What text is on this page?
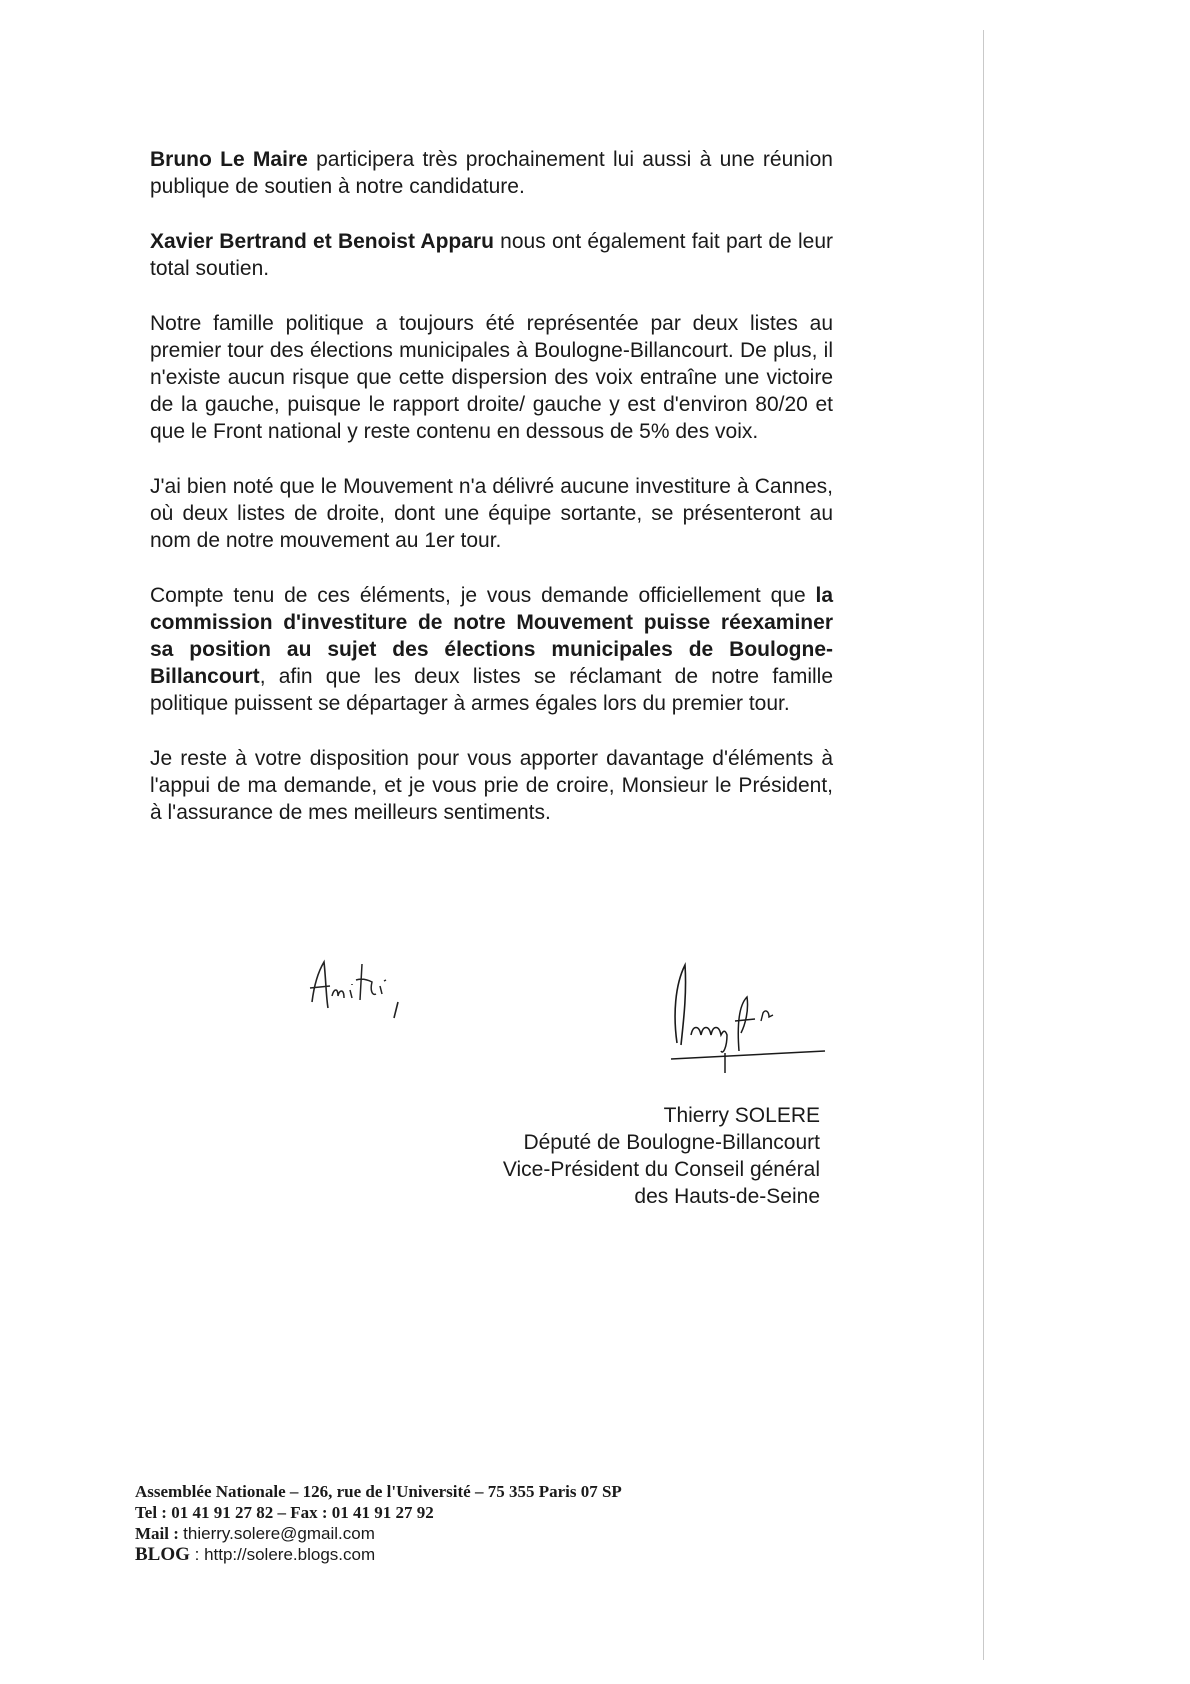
Bruno Le Maire participera très prochainement lui aussi à une réunion publique de soutien à notre candidature.

Xavier Bertrand et Benoist Apparu nous ont également fait part de leur total soutien.

Notre famille politique a toujours été représentée par deux listes au premier tour des élections municipales à Boulogne-Billancourt. De plus, il n'existe aucun risque que cette dispersion des voix entraîne une victoire de la gauche, puisque le rapport droite/ gauche y est d'environ 80/20 et que le Front national y reste contenu en dessous de 5% des voix.

J'ai bien noté que le Mouvement n'a délivré aucune investiture à Cannes, où deux listes de droite, dont une équipe sortante, se présenteront au nom de notre mouvement au 1er tour.

Compte tenu de ces éléments, je vous demande officiellement que la commission d'investiture de notre Mouvement puisse réexaminer sa position au sujet des élections municipales de Boulogne-Billancourt, afin que les deux listes se réclamant de notre famille politique puissent se départager à armes égales lors du premier tour.

Je reste à votre disposition pour vous apporter davantage d'éléments à l'appui de ma demande, et je vous prie de croire, Monsieur le Président, à l'assurance de mes meilleurs sentiments.

Thierry SOLERE
Député de Boulogne-Billancourt
Vice-Président du Conseil général
des Hauts-de-Seine
Assemblée Nationale – 126, rue de l'Université – 75 355 Paris 07 SP
Tel : 01 41 91 27 82 – Fax : 01 41 91 27 92
Mail : thierry.solere@gmail.com
BLOG : http://solere.blogs.com
